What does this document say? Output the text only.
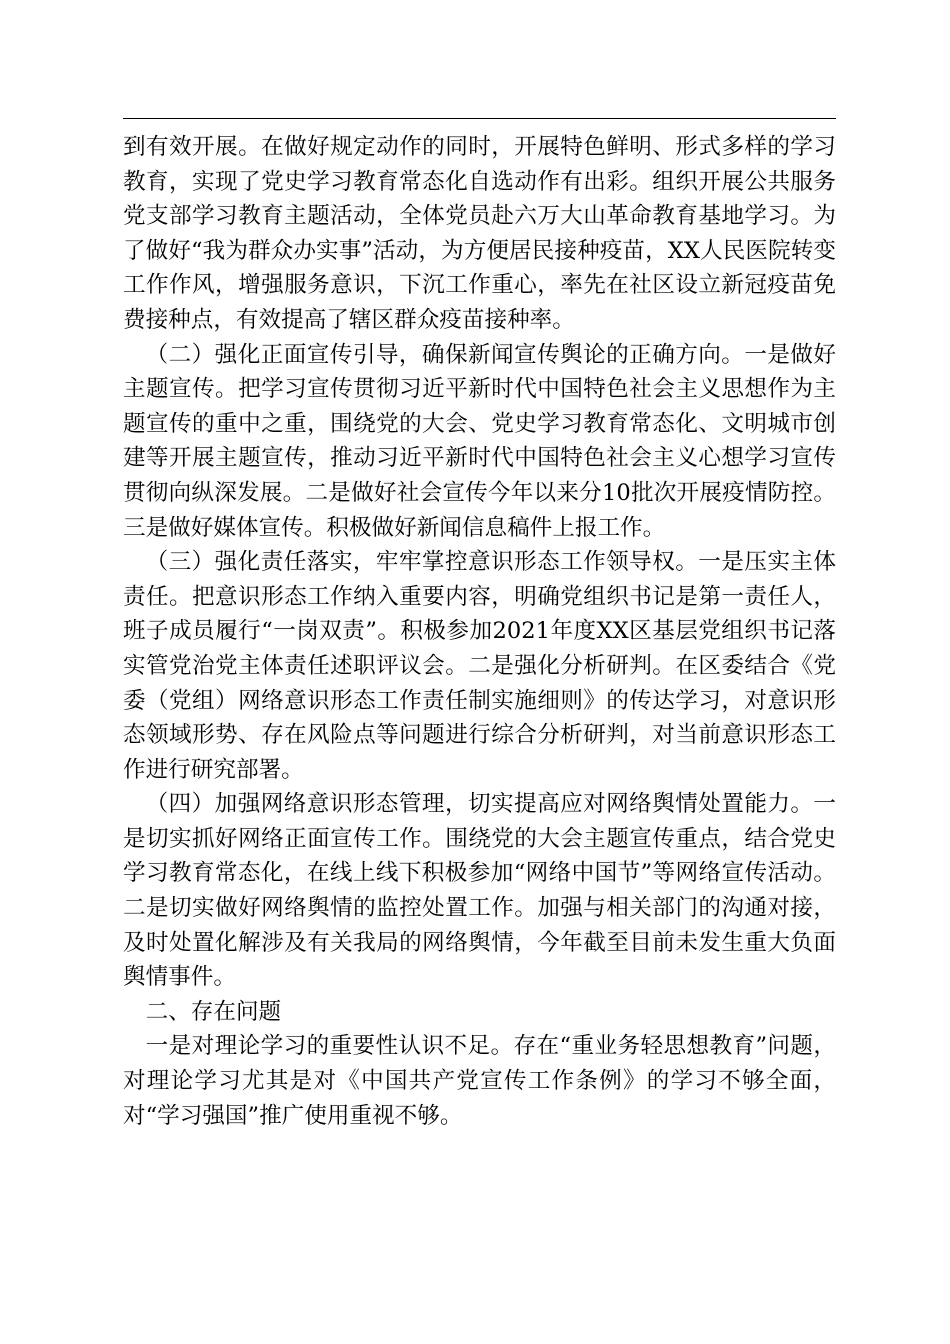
到有效开展。在做好规定动作的同时，开展特色鲜明、形式多样的学习教育，实现了党史学习教育常态化自选动作有出彩。组织开展公共服务党支部学习教育主题活动，全体党员赴六万大山革命教育基地学习。为了做好“我为群众办实事”活动，为方便居民接种疫苗，XX人民医院转变工作作风，增强服务意识，下沉工作重心，率先在社区设立新冠疫苗免费接种点，有效提高了辖区群众疫苗接种率。

（二）强化正面宣传引导，确保新闻宣传舆论的正确方向。一是做好主题宣传。把学习宣传贯彻习近平新时代中国特色社会主义思想作为主题宣传的重中之重，围绕党的大会、党史学习教育常态化、文明城市创建等开展主题宣传，推动习近平新时代中国特色社会主义心想学习宣传贯彻向纵深发展。二是做好社会宣传今年以来分10批次开展疫情防控。三是做好媒体宣传。积极做好新闻信息稿件上报工作。

（三）强化责任落实，牢牢掌控意识形态工作领导权。一是压实主体责任。把意识形态工作纳入重要内容，明确党组织书记是第一责任人，班子成员履行“一岗双责”。积极参加2021年度XX区基层党组织书记落实管党治党主体责任述职评议会。二是强化分析研判。在区委结合《党委（党组）网络意识形态工作责任制实施细则》的传达学习，对意识形态领域形势、存在风险点等问题进行综合分析研判，对当前意识形态工作进行研究部署。

（四）加强网络意识形态管理，切实提高应对网络舆情处置能力。一是切实抓好网络正面宣传工作。围绕党的大会主题宣传重点，结合党史学习教育常态化，在线上线下积极参加“网络中国节”等网络宣传活动。二是切实做好网络舆情的监控处置工作。加强与相关部门的沟通对接，及时处置化解涉及有关我局的网络舆情，今年截至目前未发生重大负面舆情事件。

二、存在问题

一是对理论学习的重要性认识不足。存在“重业务轻思想教育”问题，对理论学习尤其是对《中国共产党宣传工作条例》的学习不够全面，对“学习强国”推广使用重视不够。
